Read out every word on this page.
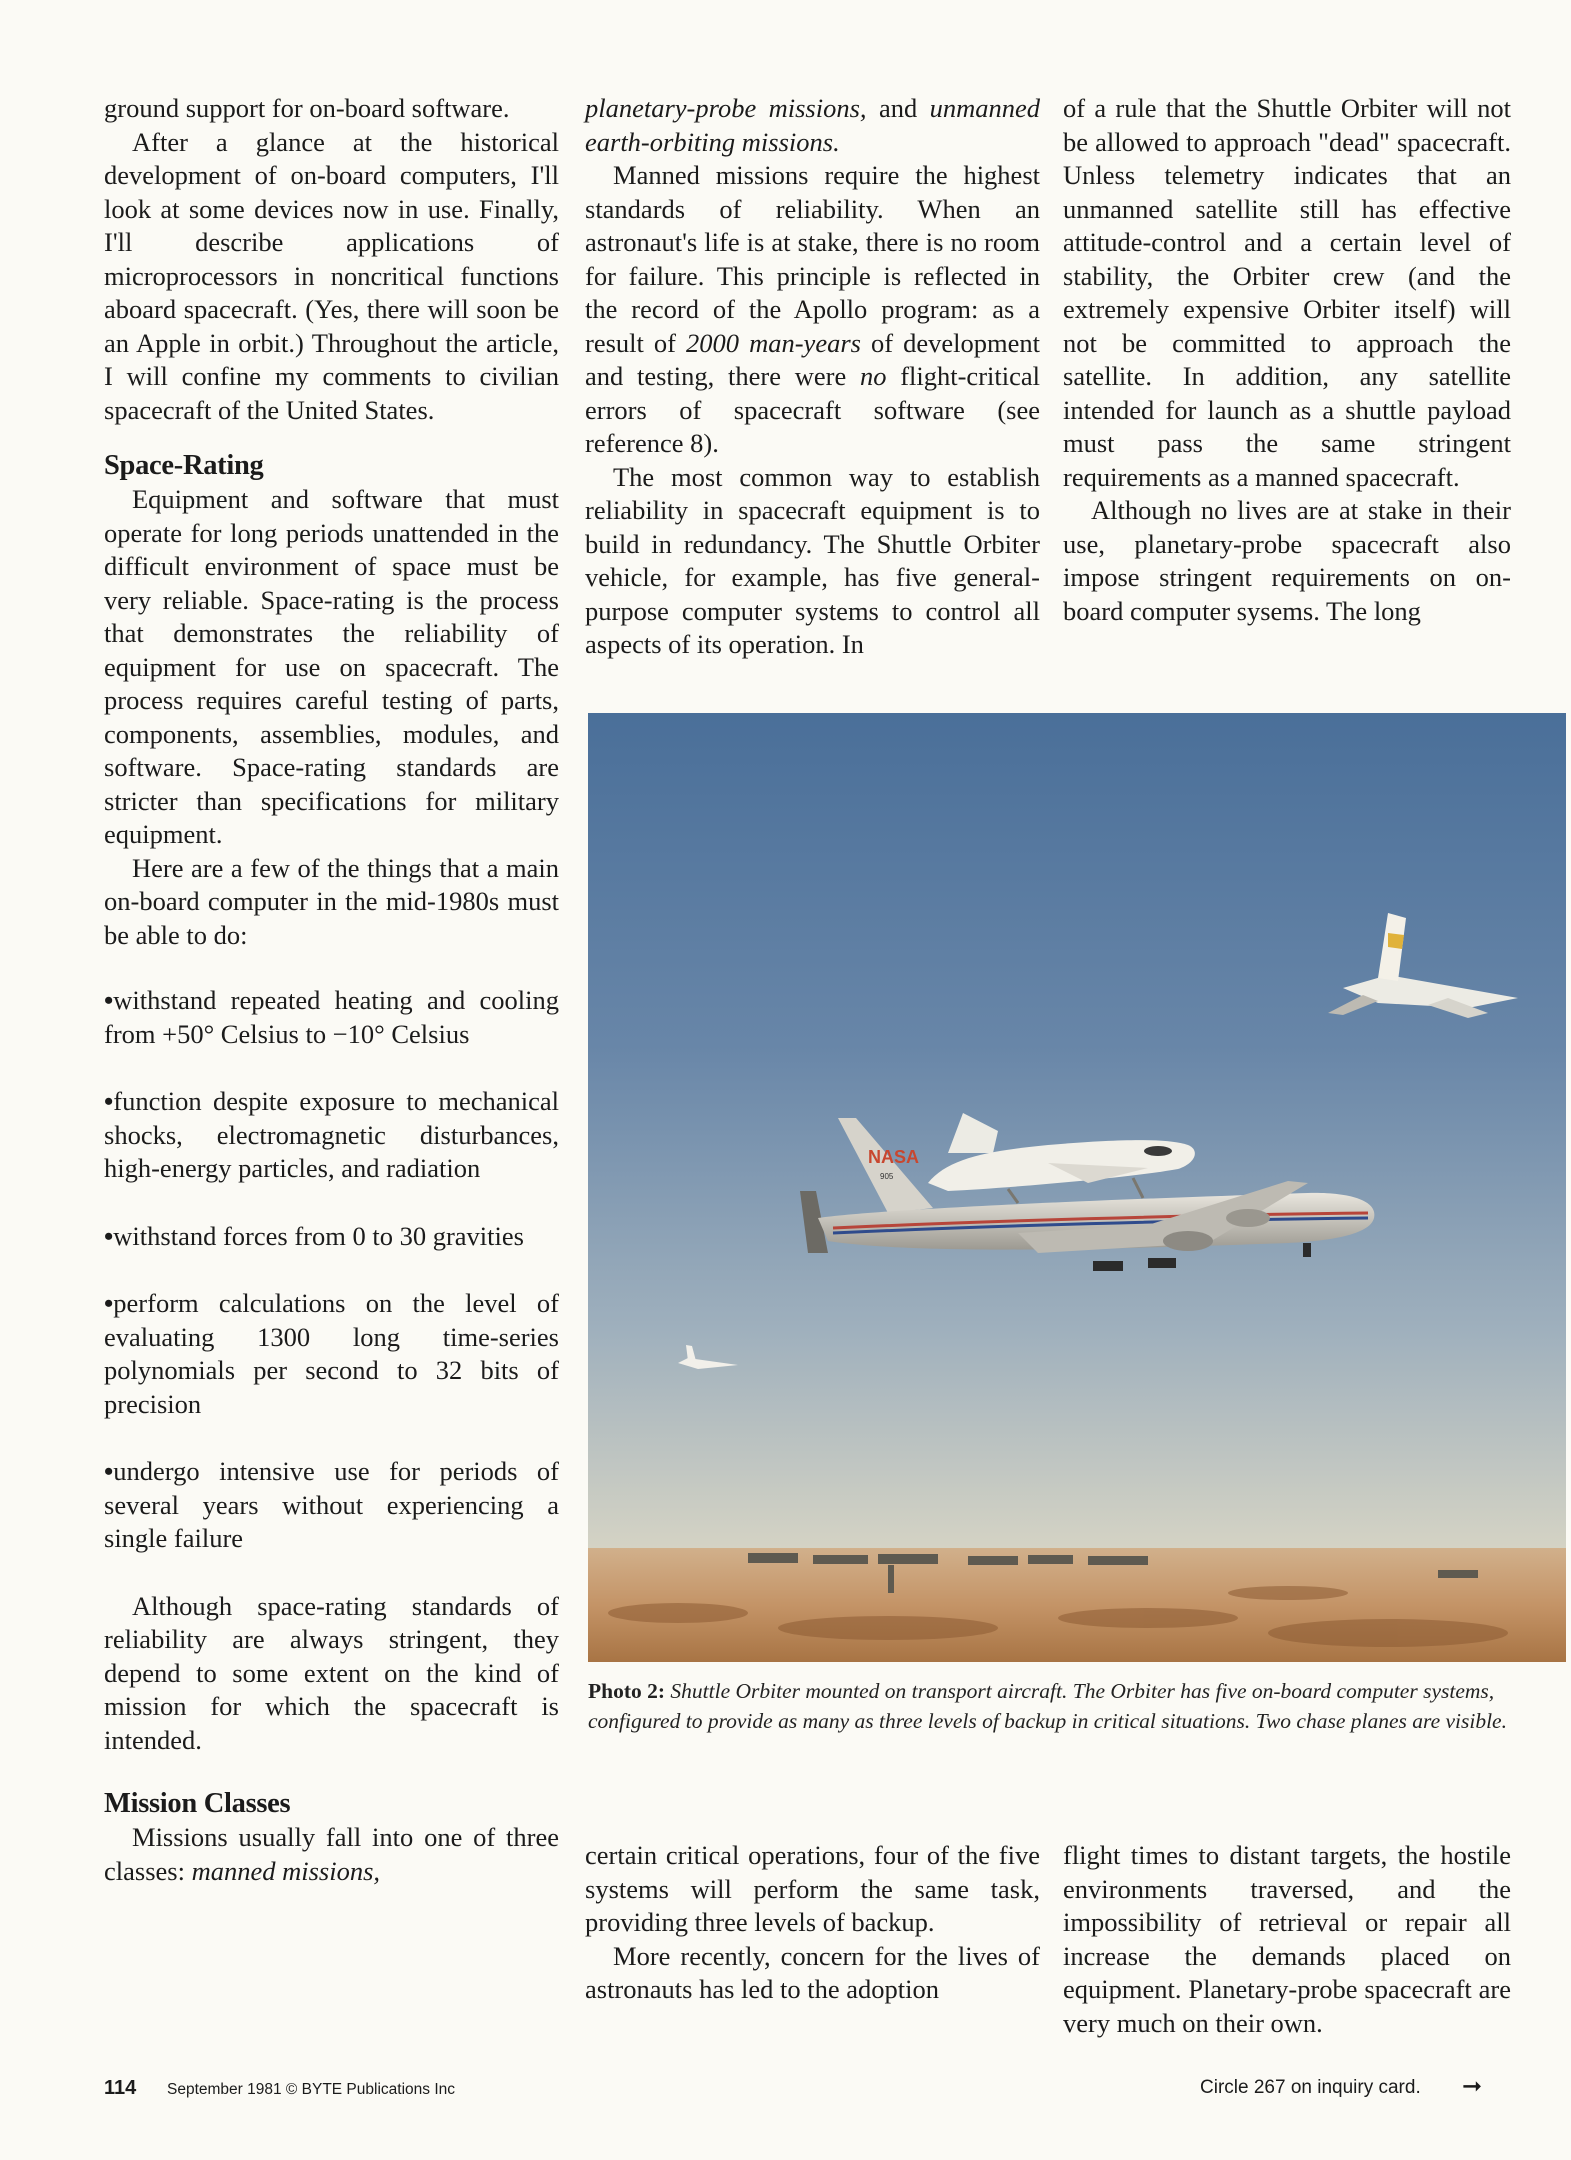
ground support for on-board software.

After a glance at the historical development of on-board computers, I'll look at some devices now in use. Finally, I'll describe applications of microprocessors in noncritical functions aboard spacecraft. (Yes, there will soon be an Apple in orbit.) Throughout the article, I will confine my comments to civilian spacecraft of the United States.

Space-Rating

Equipment and software that must operate for long periods unattended in the difficult environment of space must be very reliable. Space-rating is the process that demonstrates the reliability of equipment for use on spacecraft. The process requires careful testing of parts, components, assemblies, modules, and software. Space-rating standards are stricter than specifications for military equipment.

Here are a few of the things that a main on-board computer in the mid-1980s must be able to do:

•withstand repeated heating and cooling from +50° Celsius to −10° Celsius
•function despite exposure to mechanical shocks, electromagnetic disturbances, high-energy particles, and radiation
•withstand forces from 0 to 30 gravities
•perform calculations on the level of evaluating 1300 long time-series polynomials per second to 32 bits of precision
•undergo intensive use for periods of several years without experiencing a single failure

Although space-rating standards of reliability are always stringent, they depend to some extent on the kind of mission for which the spacecraft is intended.

Mission Classes

Missions usually fall into one of three classes: manned missions,

planetary-probe missions, and unmanned earth-orbiting missions.

Manned missions require the highest standards of reliability. When an astronaut's life is at stake, there is no room for failure. This principle is reflected in the record of the Apollo program: as a result of 2000 man-years of development and testing, there were no flight-critical errors of spacecraft software (see reference 8).

The most common way to establish reliability in spacecraft equipment is to build in redundancy. The Shuttle Orbiter vehicle, for example, has five general-purpose computer systems to control all aspects of its operation. In

of a rule that the Shuttle Orbiter will not be allowed to approach "dead" spacecraft. Unless telemetry indicates that an unmanned satellite still has effective attitude-control and a certain level of stability, the Orbiter crew (and the extremely expensive Orbiter itself) will not be committed to approach the satellite. In addition, any satellite intended for launch as a shuttle payload must pass the same stringent requirements as a manned spacecraft.

Although no lives are at stake in their use, planetary-probe spacecraft also impose stringent requirements on on-board computer sysems. The long

NASA
905
Photo 2: Shuttle Orbiter mounted on transport aircraft. The Orbiter has five on-board computer systems, configured to provide as many as three levels of backup in critical situations. Two chase planes are visible.

certain critical operations, four of the five systems will perform the same task, providing three levels of backup.

More recently, concern for the lives of astronauts has led to the adoption

flight times to distant targets, the hostile environments traversed, and the impossibility of retrieval or repair all increase the demands placed on equipment. Planetary-probe spacecraft are very much on their own.

114 September 1981 © BYTE Publications Inc	Circle 267 on inquiry card. ➞
